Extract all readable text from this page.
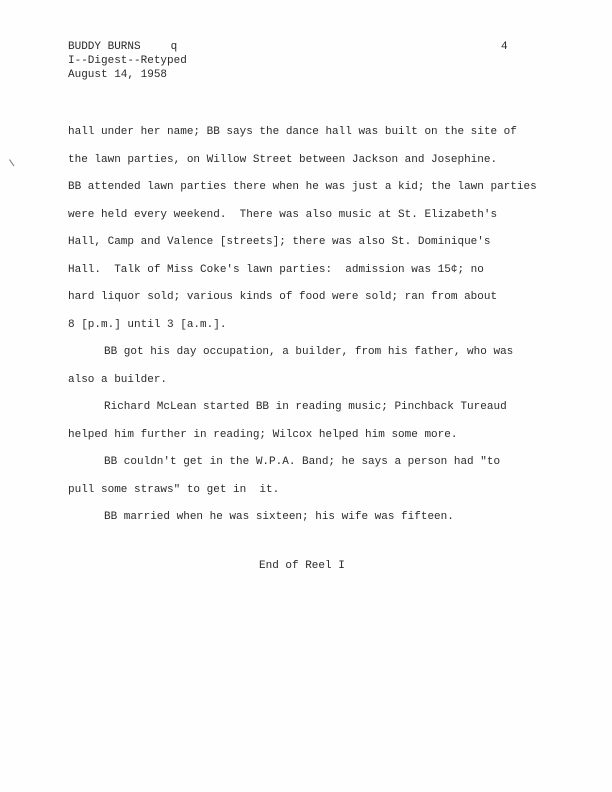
BUDDY BURNS	q
I--Digest--Retyped
August 14, 1958
4
hall under her name; BB says the dance hall was built on the site of
the lawn parties, on Willow Street between Jackson and Josephine.
BB attended lawn parties there when he was just a kid; the lawn parties
were held every weekend.  There was also music at St. Elizabeth's
Hall, Camp and Valence [streets]; there was also St. Dominique's
Hall.  Talk of Miss Coke's lawn parties:  admission was 15¢; no
hard liquor sold; various kinds of food were sold; ran from about
8 [p.m.] until 3 [a.m.].
BB got his day occupation, a builder, from his father, who was
also a builder.
Richard McLean started BB in reading music; Pinchback Tureaud
helped him further in reading; Wilcox helped him some more.
BB couldn't get in the W.P.A. Band; he says a person had "to
pull some straws" to get in  it.
BB married when he was sixteen; his wife was fifteen.
End of Reel I
